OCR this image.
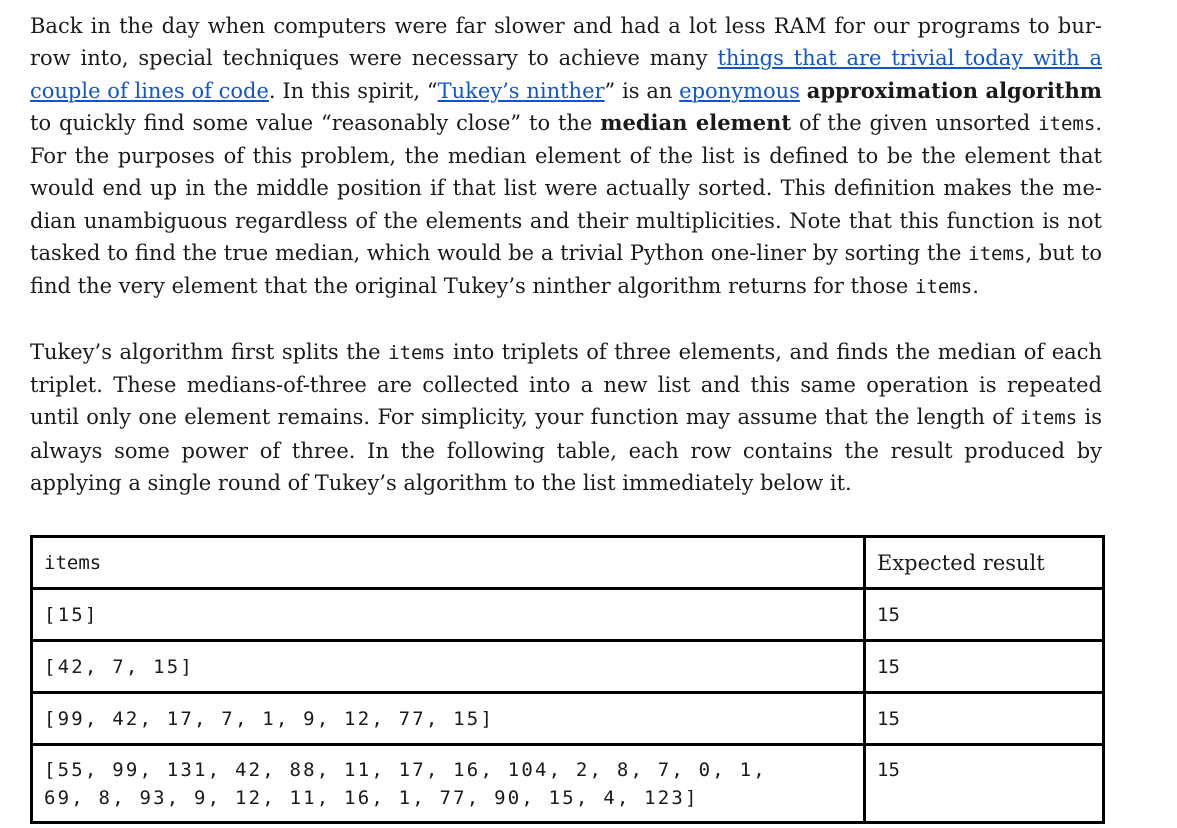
Back in the day when computers were far slower and had a lot less RAM for our programs to burrow into, special techniques were necessary to achieve many things that are trivial today with a couple of lines of code. In this spirit, “Tukey’s ninther” is an eponymous approximation algorithm to quickly find some value “reasonably close” to the median element of the given unsorted items. For the purposes of this problem, the median element of the list is defined to be the element that would end up in the middle position if that list were actually sorted. This definition makes the median unambiguous regardless of the elements and their multiplicities. Note that this function is not tasked to find the true median, which would be a trivial Python one-liner by sorting the items, but to find the very element that the original Tukey’s ninther algorithm returns for those items.

Tukey’s algorithm first splits the items into triplets of three elements, and finds the median of each triplet. These medians-of-three are collected into a new list and this same operation is repeated until only one element remains. For simplicity, your function may assume that the length of items is always some power of three. In the following table, each row contains the result produced by applying a single round of Tukey’s algorithm to the list immediately below it.

items	Expected result
[15]	15
[42, 7, 15]	15
[99, 42, 17, 7, 1, 9, 12, 77, 15]	15
[55, 99, 131, 42, 88, 11, 17, 16, 104, 2, 8, 7, 0, 1,
69, 8, 93, 9, 12, 11, 16, 1, 77, 90, 15, 4, 123]	15
